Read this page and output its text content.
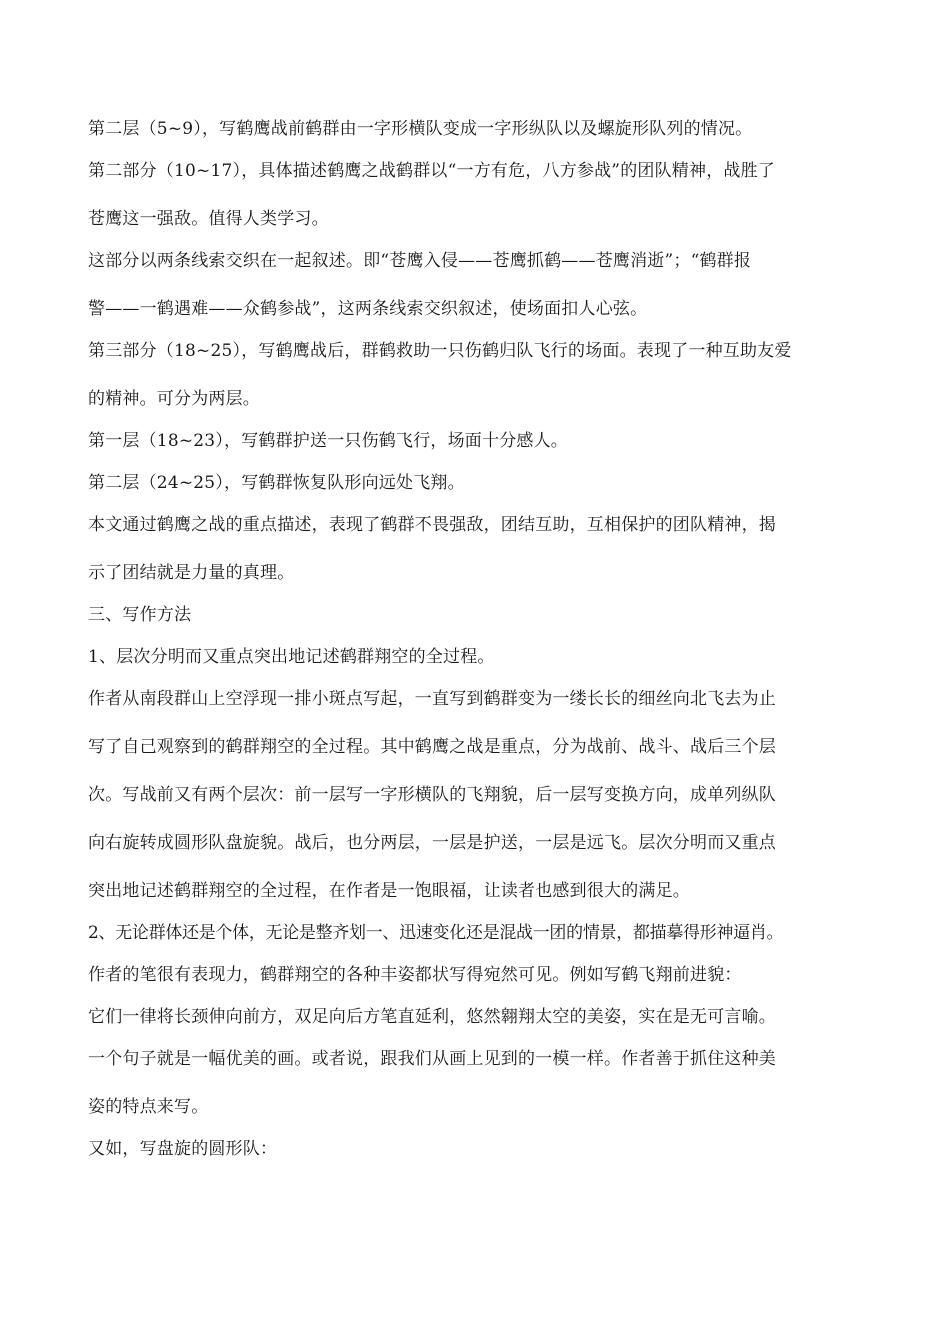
第二层（5~9），写鹤鹰战前鹤群由一字形横队变成一字形纵队以及螺旋形队列的情况。
第二部分（10~17），具体描述鹤鹰之战鹤群以“一方有危，八方参战”的团队精神，战胜了
苍鹰这一强敌。值得人类学习。
这部分以两条线索交织在一起叙述。即“苍鹰入侵——苍鹰抓鹤——苍鹰消逝”；“鹤群报
警——一鹤遇难——众鹤参战”，这两条线索交织叙述，使场面扣人心弦。
第三部分（18~25），写鹤鹰战后，群鹤救助一只伤鹤归队飞行的场面。表现了一种互助友爱
的精神。可分为两层。
第一层（18~23），写鹤群护送一只伤鹤飞行，场面十分感人。
第二层（24~25），写鹤群恢复队形向远处飞翔。
本文通过鹤鹰之战的重点描述，表现了鹤群不畏强敌，团结互助，互相保护的团队精神，揭
示了团结就是力量的真理。
三、写作方法
1、层次分明而又重点突出地记述鹤群翔空的全过程。
作者从南段群山上空浮现一排小斑点写起，一直写到鹤群变为一缕长长的细丝向北飞去为止
写了自己观察到的鹤群翔空的全过程。其中鹤鹰之战是重点，分为战前、战斗、战后三个层
次。写战前又有两个层次：前一层写一字形横队的飞翔貌，后一层写变换方向，成单列纵队
向右旋转成圆形队盘旋貌。战后，也分两层，一层是护送，一层是远飞。层次分明而又重点
突出地记述鹤群翔空的全过程，在作者是一饱眼福，让读者也感到很大的满足。
2、无论群体还是个体，无论是整齐划一、迅速变化还是混战一团的情景，都描摹得形神逼肖。
作者的笔很有表现力，鹤群翔空的各种丰姿都状写得宛然可见。例如写鹤飞翔前进貌：
它们一律将长颈伸向前方，双足向后方笔直延利，悠然翱翔太空的美姿，实在是无可言喻。
一个句子就是一幅优美的画。或者说，跟我们从画上见到的一模一样。作者善于抓住这种美
姿的特点来写。
又如，写盘旋的圆形队：
